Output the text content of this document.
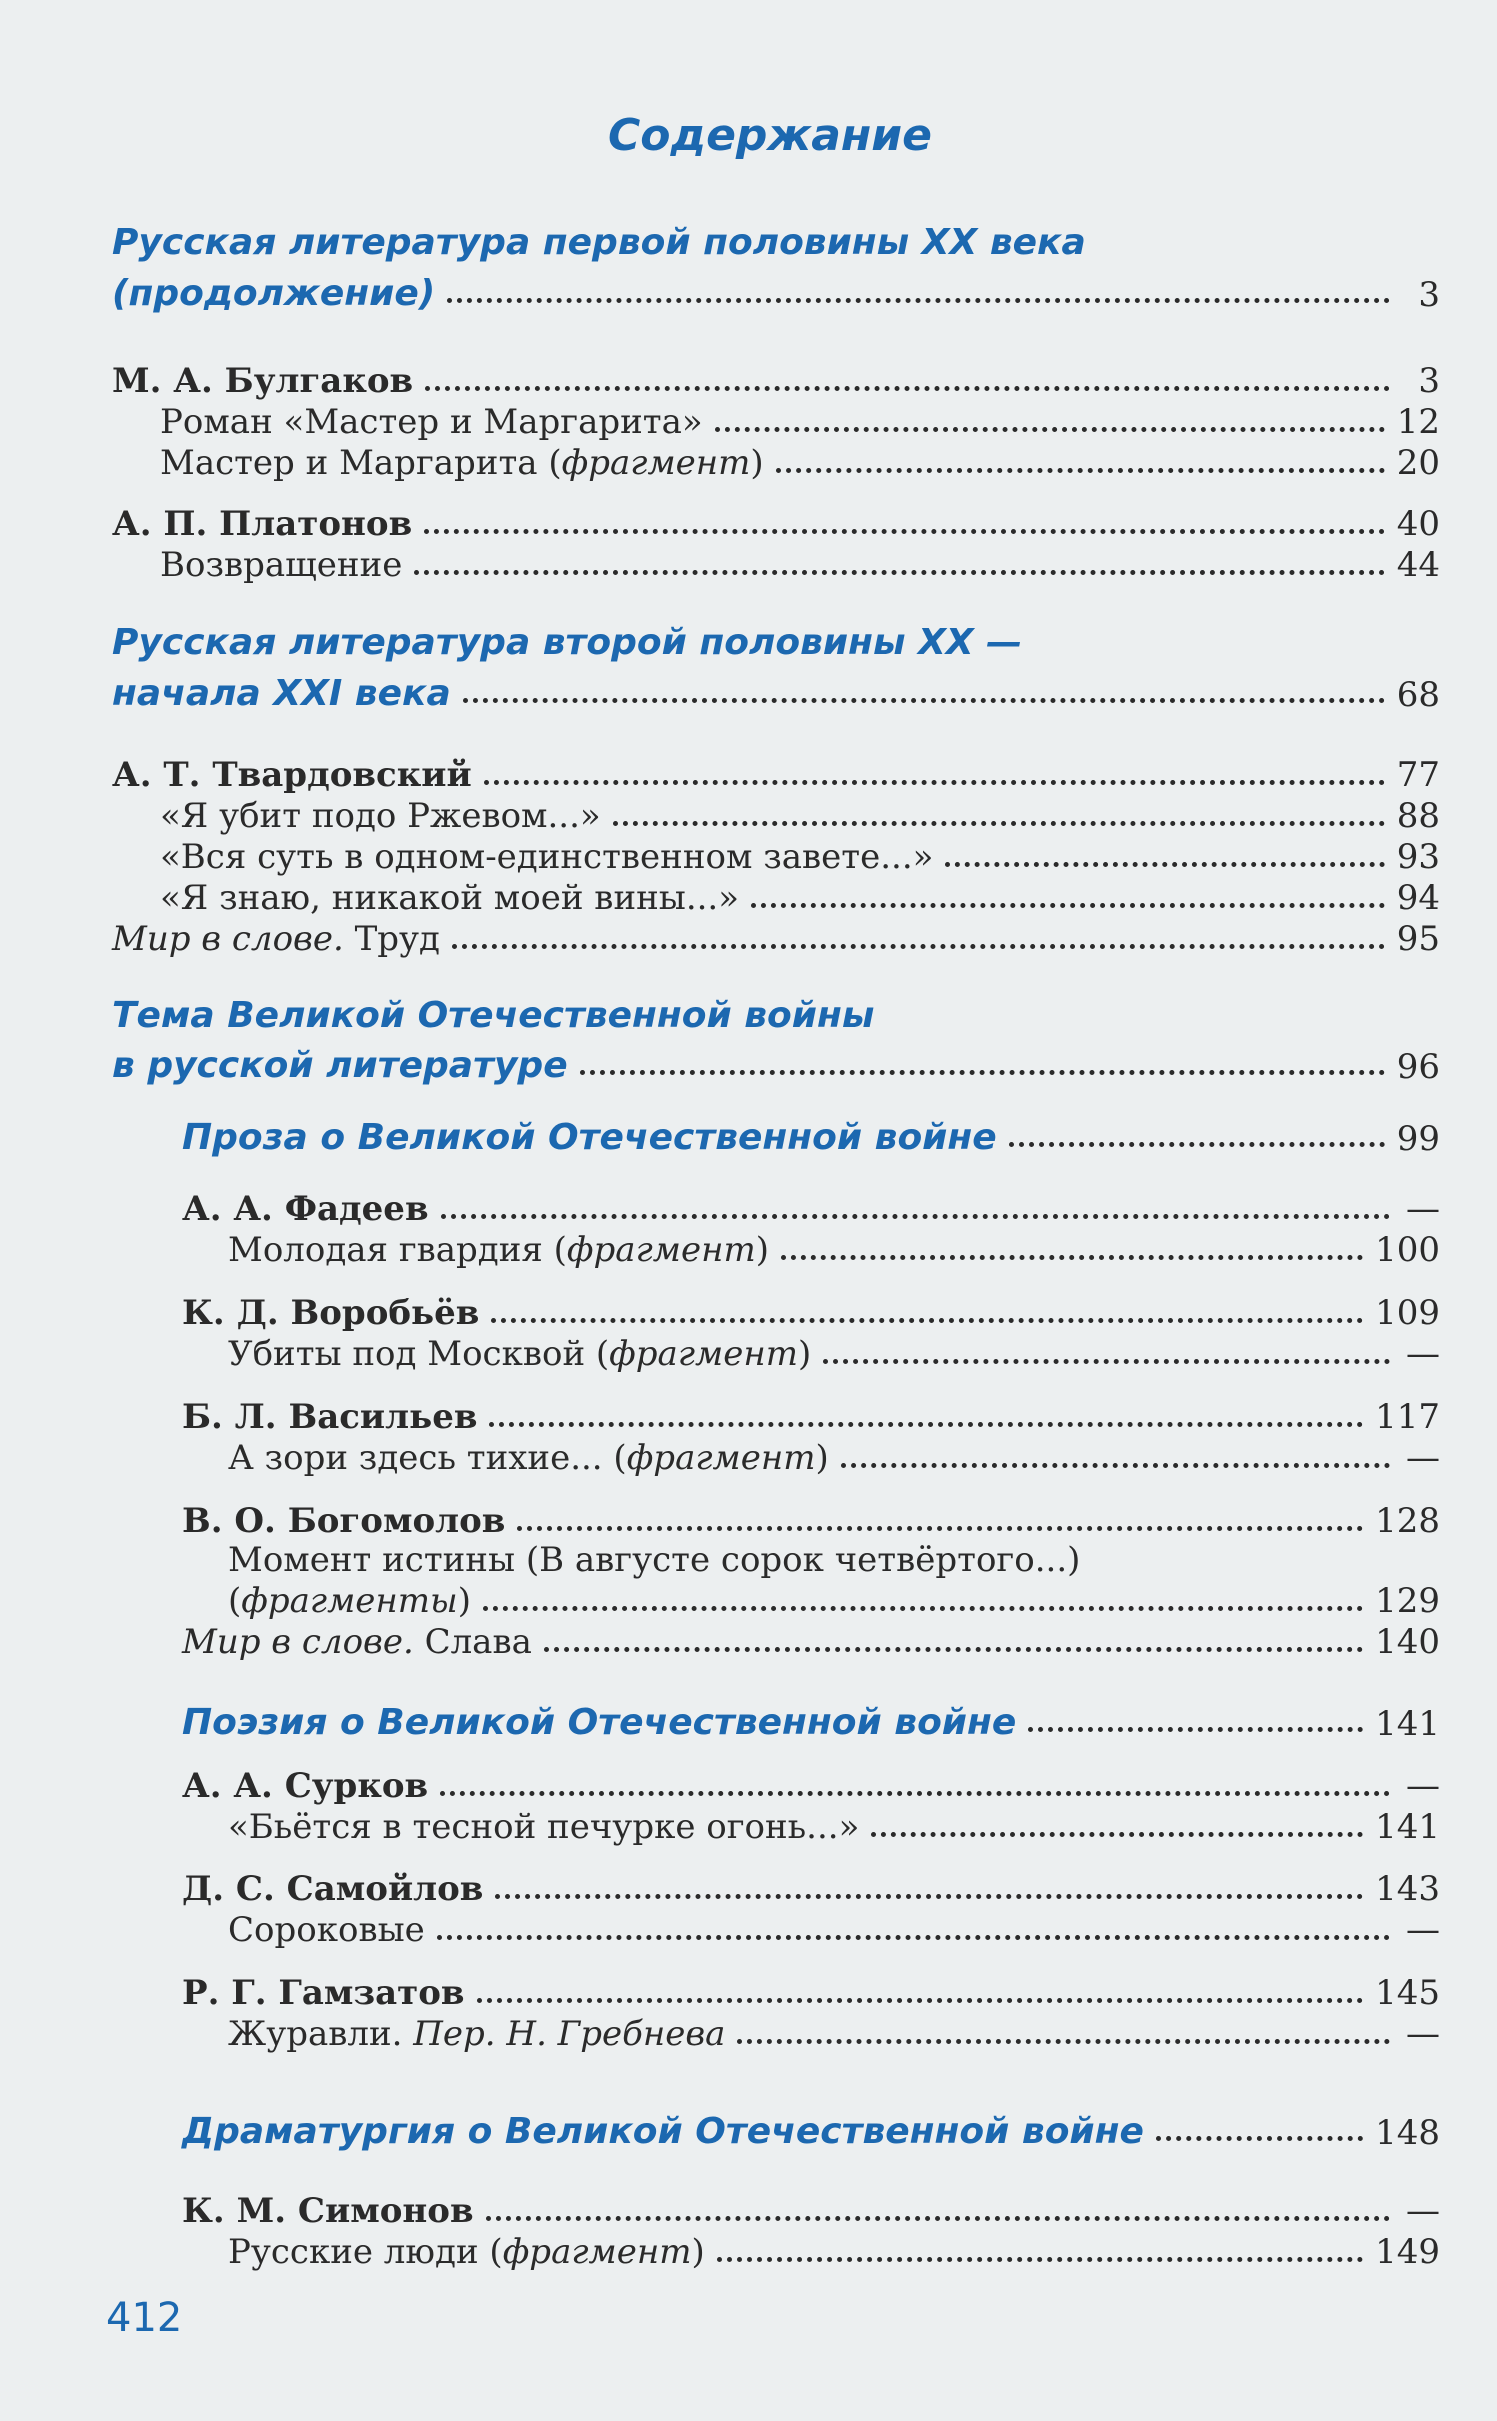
Содержание
Русская литература первой половины XX века
(продолжение)	3
М. А. Булгаков	3
Роман «Мастер и Маргарита»	12
Мастер и Маргарита (фрагмент)	20
А. П. Платонов	40
Возвращение	44
Русская литература второй половины XX —
начала XXI века	68
А. Т. Твардовский	77
«Я убит подо Ржевом...»	88
«Вся суть в одном-единственном завете...»	93
«Я знаю, никакой моей вины...»	94
Мир в слове. Труд	95
Тема Великой Отечественной войны
в русской литературе	96
Проза о Великой Отечественной войне	99
А. А. Фадеев	—
Молодая гвардия (фрагмент)	100
К. Д. Воробьёв	109
Убиты под Москвой (фрагмент)	—
Б. Л. Васильев	117
А зори здесь тихие... (фрагмент)	—
В. О. Богомолов	128
Момент истины (В августе сорок четвёртого...)
(фрагменты)	129
Мир в слове. Слава	140
Поэзия о Великой Отечественной войне	141
А. А. Сурков	—
«Бьётся в тесной печурке огонь...»	141
Д. С. Самойлов	143
Сороковые	—
Р. Г. Гамзатов	145
Журавли. Пер. Н. Гребнева	—
Драматургия о Великой Отечественной войне	148
К. М. Симонов	—
Русские люди (фрагмент)	149
412
